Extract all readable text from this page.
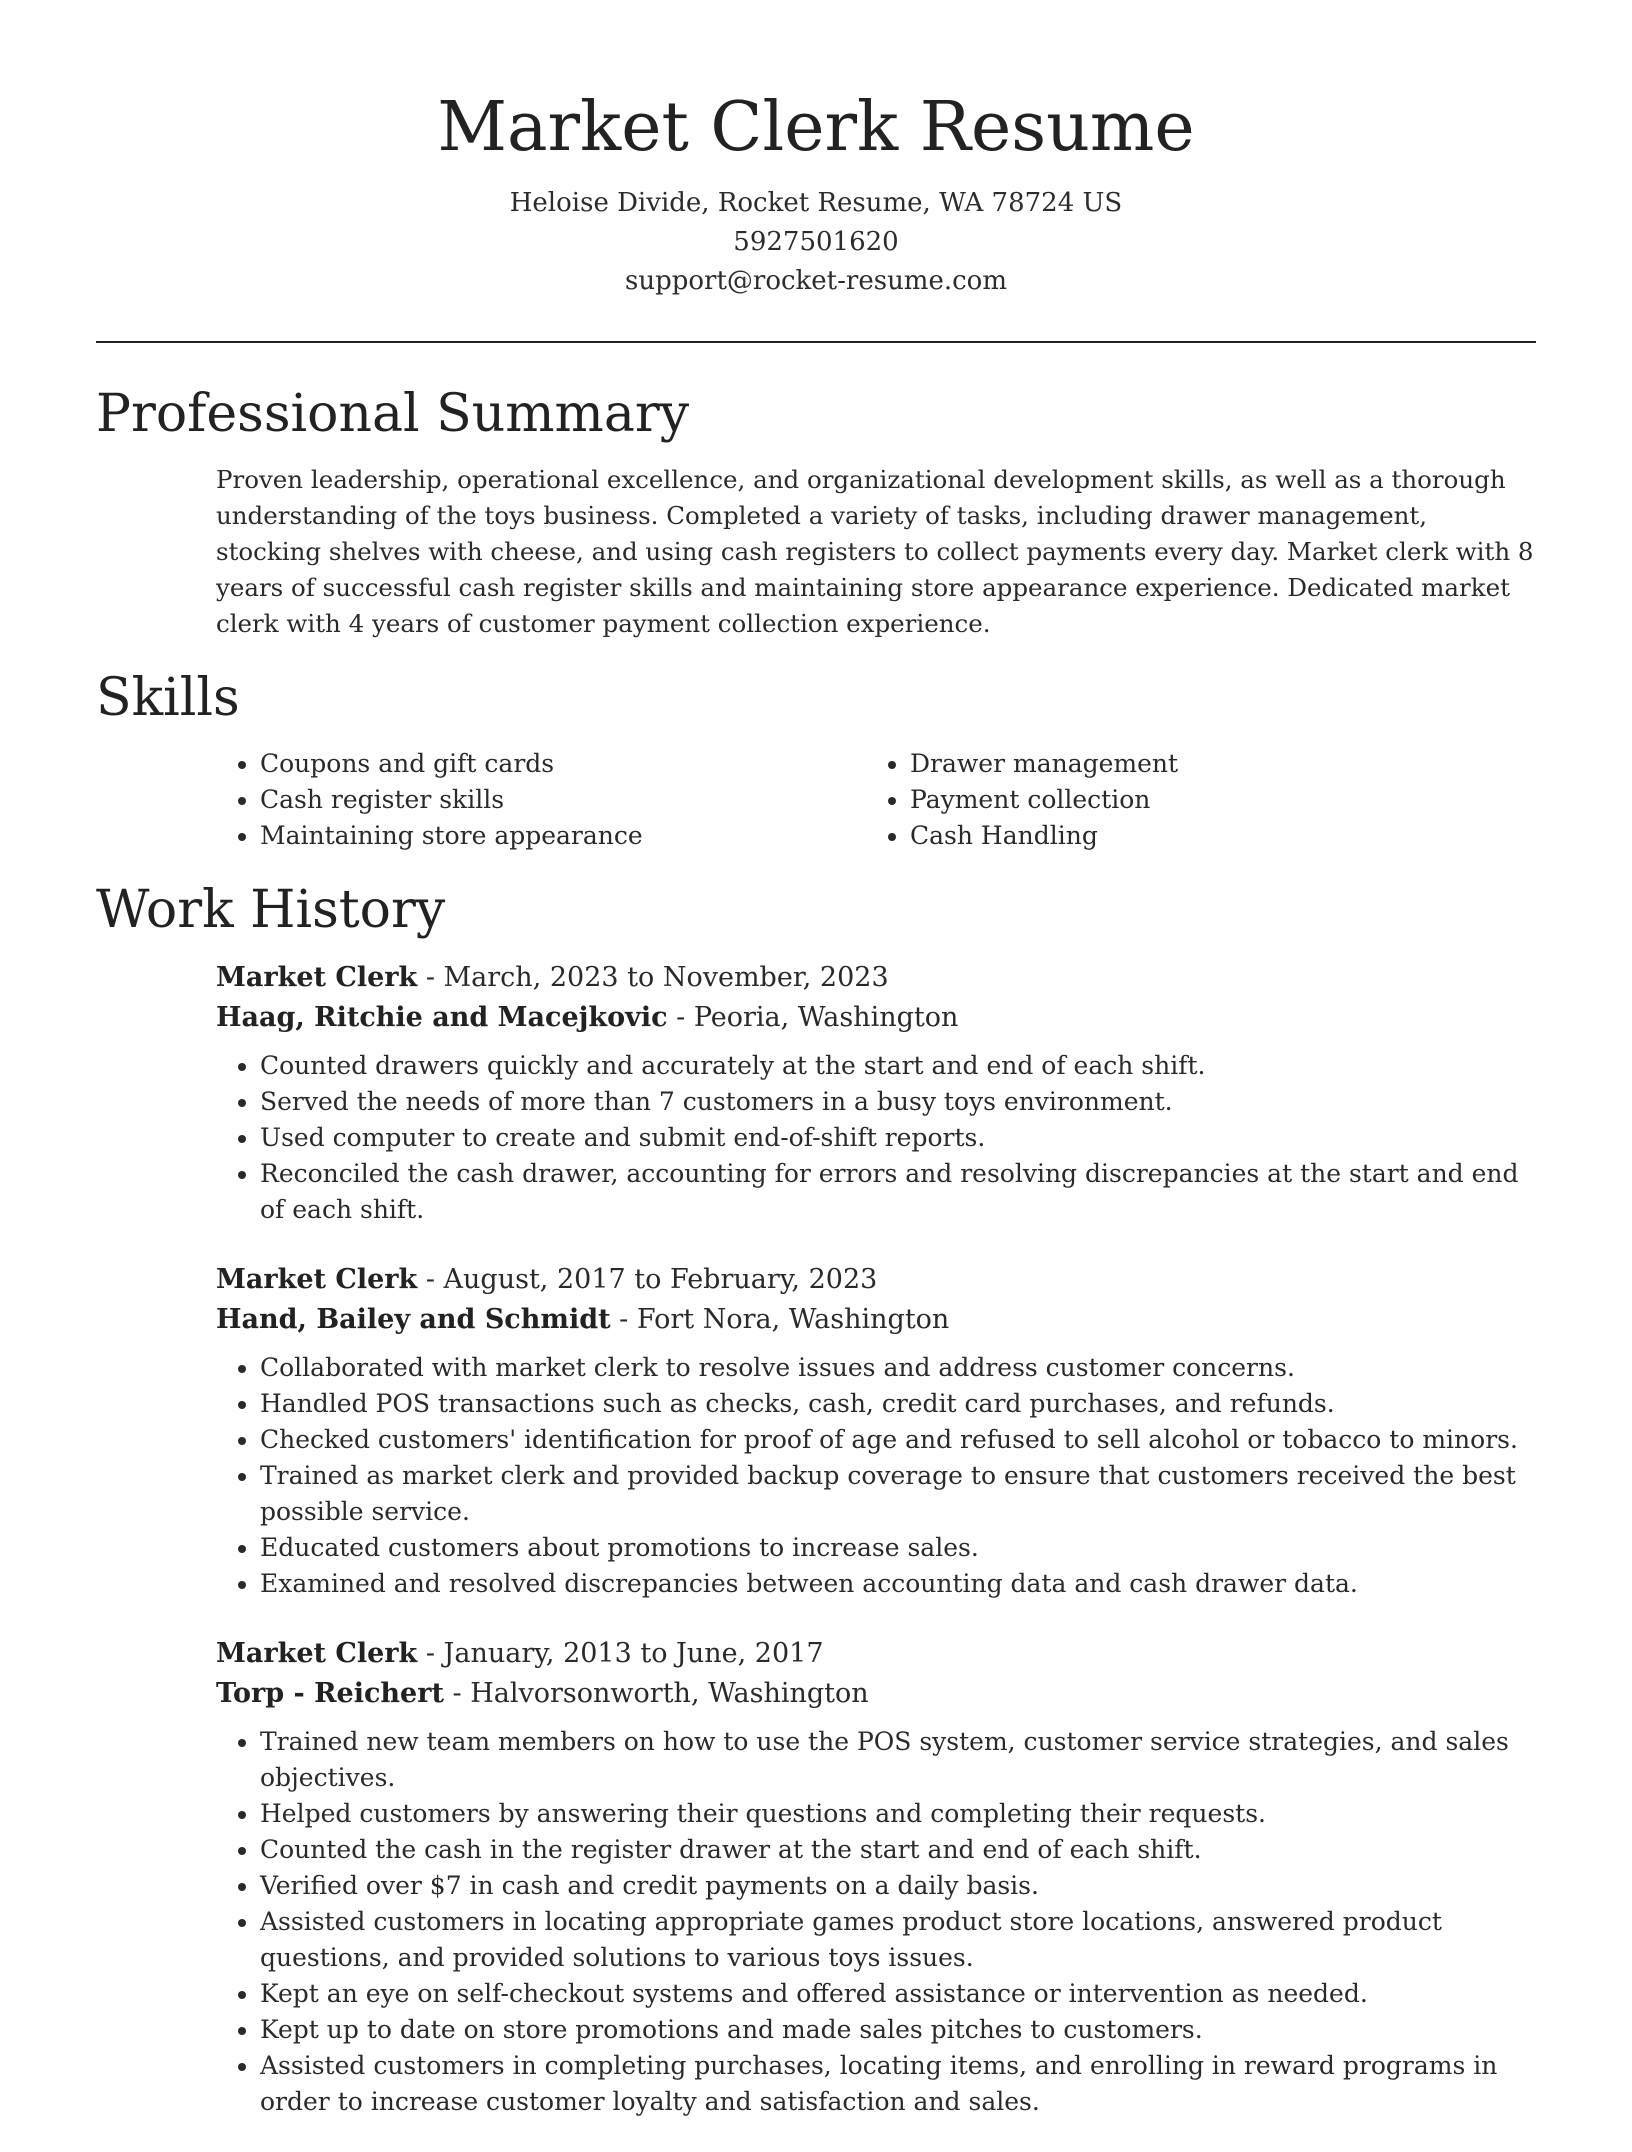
Market Clerk Resume
Heloise Divide, Rocket Resume, WA 78724 US
5927501620
support@rocket-resume.com
Professional Summary
Proven leadership, operational excellence, and organizational development skills, as well as a thorough understanding of the toys business. Completed a variety of tasks, including drawer management, stocking shelves with cheese, and using cash registers to collect payments every day. Market clerk with 8 years of successful cash register skills and maintaining store appearance experience. Dedicated market clerk with 4 years of customer payment collection experience.
Skills
• Coupons and gift cards
• Cash register skills
• Maintaining store appearance
• Drawer management
• Payment collection
• Cash Handling
Work History
Market Clerk - March, 2023 to November, 2023
Haag, Ritchie and Macejkovic - Peoria, Washington
• Counted drawers quickly and accurately at the start and end of each shift.
• Served the needs of more than 7 customers in a busy toys environment.
• Used computer to create and submit end-of-shift reports.
• Reconciled the cash drawer, accounting for errors and resolving discrepancies at the start and end of each shift.
Market Clerk - August, 2017 to February, 2023
Hand, Bailey and Schmidt - Fort Nora, Washington
• Collaborated with market clerk to resolve issues and address customer concerns.
• Handled POS transactions such as checks, cash, credit card purchases, and refunds.
• Checked customers' identification for proof of age and refused to sell alcohol or tobacco to minors.
• Trained as market clerk and provided backup coverage to ensure that customers received the best possible service.
• Educated customers about promotions to increase sales.
• Examined and resolved discrepancies between accounting data and cash drawer data.
Market Clerk - January, 2013 to June, 2017
Torp - Reichert - Halvorsonworth, Washington
• Trained new team members on how to use the POS system, customer service strategies, and sales objectives.
• Helped customers by answering their questions and completing their requests.
• Counted the cash in the register drawer at the start and end of each shift.
• Verified over $7 in cash and credit payments on a daily basis.
• Assisted customers in locating appropriate games product store locations, answered product questions, and provided solutions to various toys issues.
• Kept an eye on self-checkout systems and offered assistance or intervention as needed.
• Kept up to date on store promotions and made sales pitches to customers.
• Assisted customers in completing purchases, locating items, and enrolling in reward programs in order to increase customer loyalty and satisfaction and sales.
